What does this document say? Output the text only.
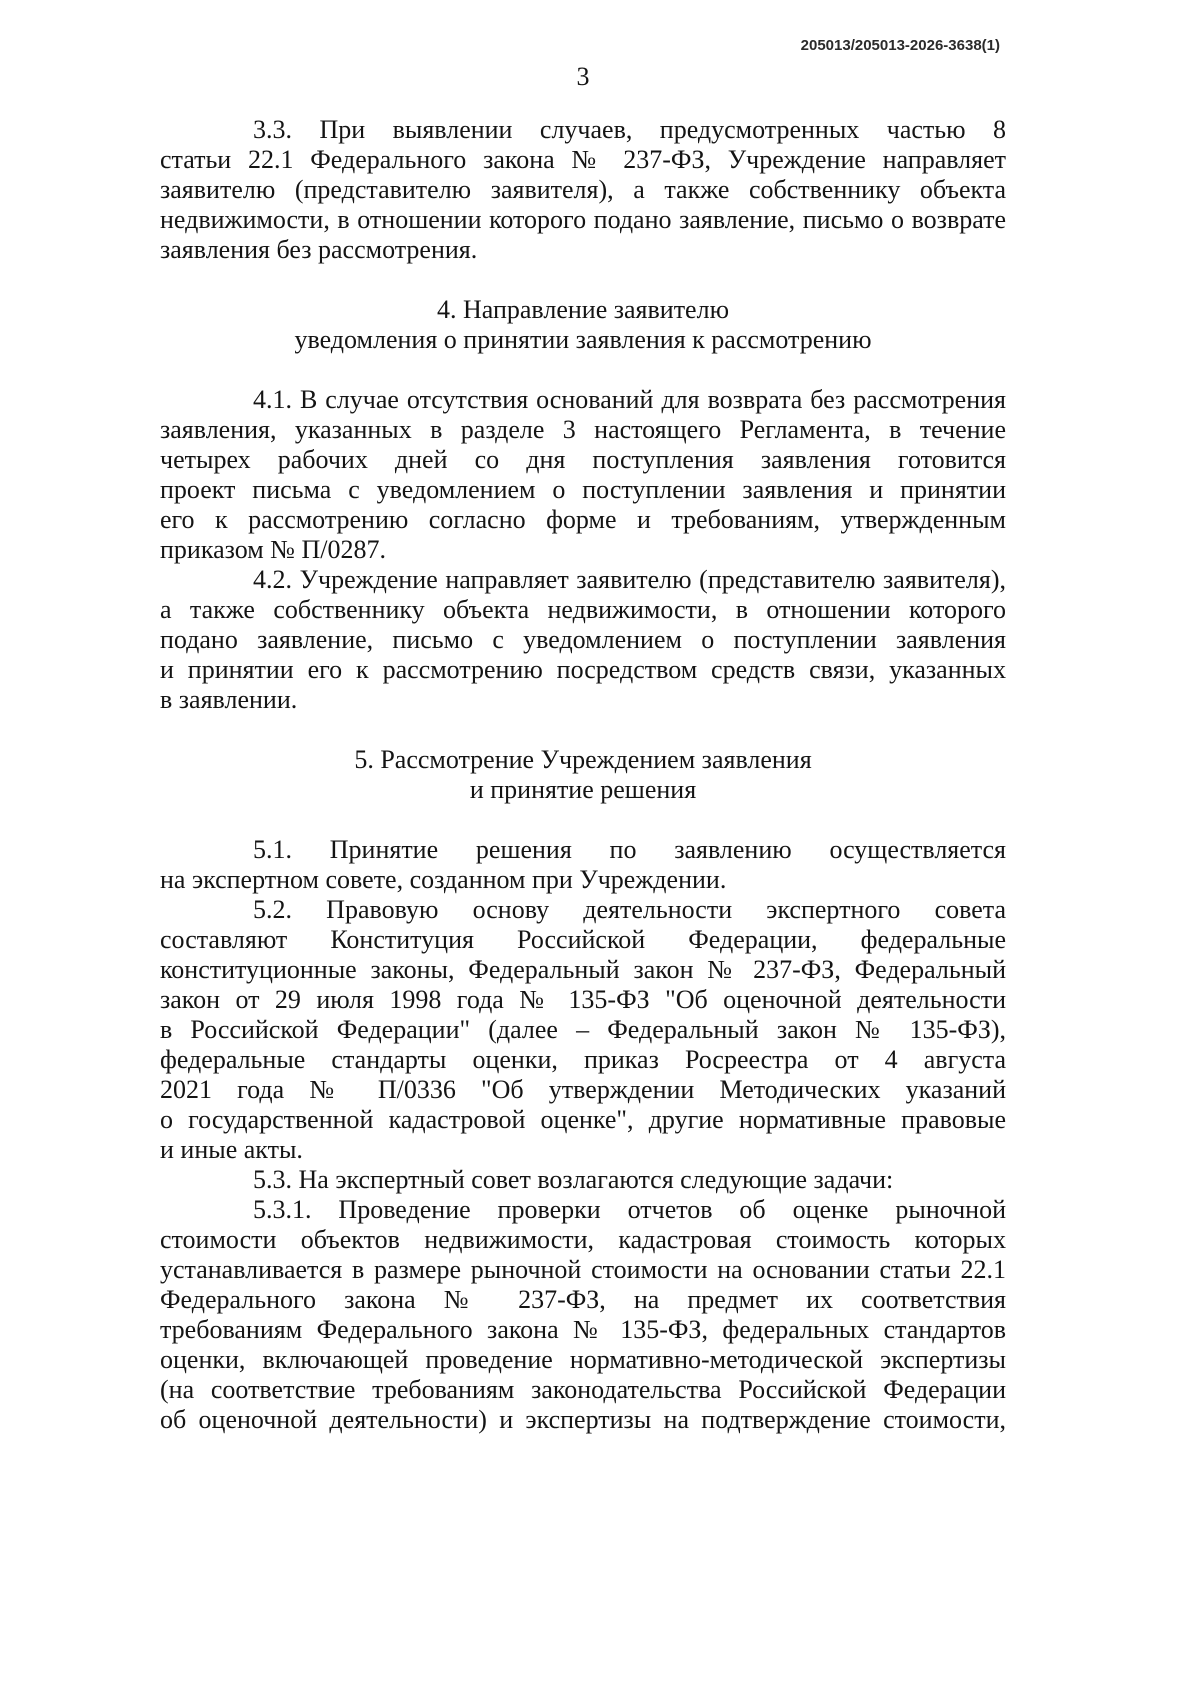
205013/205013-2026-3638(1)
3
3.3. При выявлении случаев, предусмотренных частью 8
статьи 22.1 Федерального закона № 237-ФЗ, Учреждение направляет
заявителю (представителю заявителя), а также собственнику объекта
недвижимости, в отношении которого подано заявление, письмо о возврате
заявления без рассмотрения.
4. Направление заявителю
уведомления о принятии заявления к рассмотрению
4.1. В случае отсутствия оснований для возврата без рассмотрения
заявления, указанных в разделе 3 настоящего Регламента, в течение
четырех рабочих дней со дня поступления заявления готовится
проект письма с уведомлением о поступлении заявления и принятии
его к рассмотрению согласно форме и требованиям, утвержденным
приказом № П/0287.
4.2. Учреждение направляет заявителю (представителю заявителя),
а также собственнику объекта недвижимости, в отношении которого
подано заявление, письмо с уведомлением о поступлении заявления
и принятии его к рассмотрению посредством средств связи, указанных
в заявлении.
5. Рассмотрение Учреждением заявления
и принятие решения
5.1. Принятие решения по заявлению осуществляется
на экспертном совете, созданном при Учреждении.
5.2. Правовую основу деятельности экспертного совета
составляют Конституция Российской Федерации, федеральные
конституционные законы, Федеральный закон № 237-ФЗ, Федеральный
закон от 29 июля 1998 года № 135-ФЗ "Об оценочной деятельности
в Российской Федерации" (далее – Федеральный закон № 135-ФЗ),
федеральные стандарты оценки, приказ Росреестра от 4 августа
2021 года № П/0336 "Об утверждении Методических указаний
о государственной кадастровой оценке", другие нормативные правовые
и иные акты.
5.3. На экспертный совет возлагаются следующие задачи:
5.3.1. Проведение проверки отчетов об оценке рыночной
стоимости объектов недвижимости, кадастровая стоимость которых
устанавливается в размере рыночной стоимости на основании статьи 22.1
Федерального закона № 237-ФЗ, на предмет их соответствия
требованиям Федерального закона № 135-ФЗ, федеральных стандартов
оценки, включающей проведение нормативно-методической экспертизы
(на соответствие требованиям законодательства Российской Федерации
об оценочной деятельности) и экспертизы на подтверждение стоимости,
